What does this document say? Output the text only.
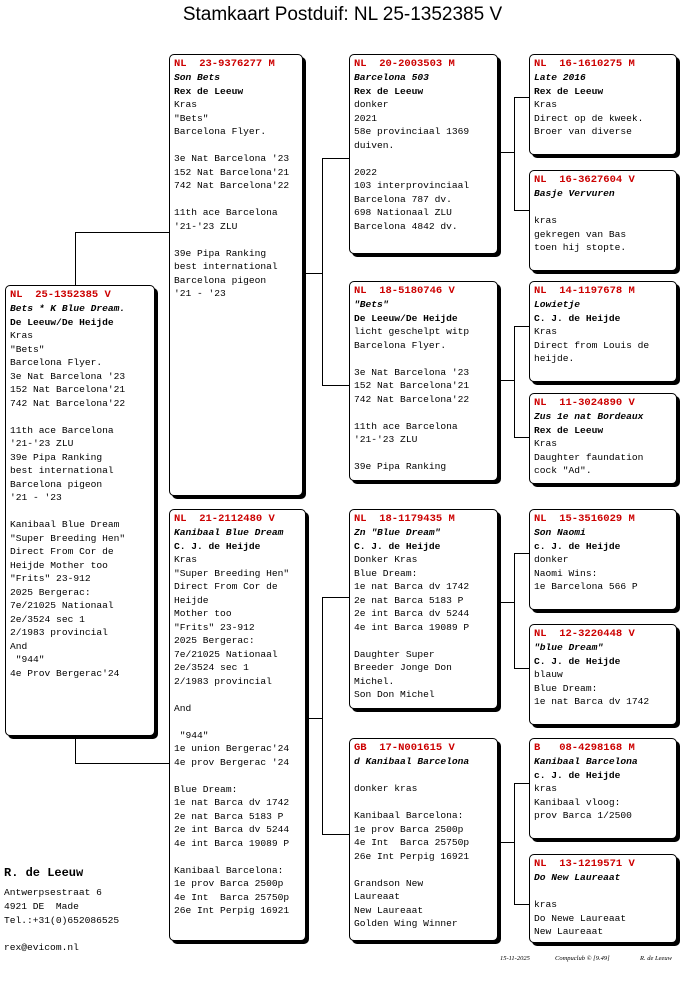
Stamkaart Postduif: NL 25-1352385 V
NL  25-1352385 V
Bets * K Blue Dream.
De Leeuw/De Heijde
Kras
"Bets"
Barcelona Flyer.
3e Nat Barcelona '23
152 Nat Barcelona'21
742 Nat Barcelona'22

11th ace Barcelona
'21-'23 ZLU
39e Pipa Ranking
best international
Barcelona pigeon
'21 - '23

Kanibaal Blue Dream
"Super Breeding Hen"
Direct From Cor de
Heijde Mother too
"Frits" 23-912
2025 Bergerac:
7e/21025 Nationaal
2e/3524 sec 1
2/1983 provincial
And
"944"
4e Prov Bergerac'24
NL  23-9376277 M
Son Bets
Rex de Leeuw
Kras
"Bets"
Barcelona Flyer.

3e Nat Barcelona '23
152 Nat Barcelona'21
742 Nat Barcelona'22

11th ace Barcelona
'21-'23 ZLU

39e Pipa Ranking
best international
Barcelona pigeon
'21 - '23
NL  21-2112480 V
Kanibaal Blue Dream
C. J. de Heijde
Kras
"Super Breeding Hen"
Direct From Cor de
Heijde
Mother too
"Frits" 23-912
2025 Bergerac:
7e/21025 Nationaal
2e/3524 sec 1
2/1983 provincial

And

"944"
1e union Bergerac'24
4e prov Bergerac '24

Blue Dream:
1e nat Barca dv 1742
2e nat Barca 5183 P
2e int Barca dv 5244
4e int Barca 19089 P

Kanibaal Barcelona:
1e prov Barca 2500p
4e Int  Barca 25750p
26e Int Perpig 16921
NL  20-2003503 M
Barcelona 503
Rex de Leeuw
donker
2021
58e provinciaal 1369
duiven.

2022
103 interprovinciaal
Barcelona 787 dv.
698 Nationaal ZLU
Barcelona 4842 dv.
NL  18-5180746 V
"Bets"
De Leeuw/De Heijde
licht geschelpt witp
Barcelona Flyer.

3e Nat Barcelona '23
152 Nat Barcelona'21
742 Nat Barcelona'22

11th ace Barcelona
'21-'23 ZLU

39e Pipa Ranking
NL  18-1179435 M
Zn "Blue Dream"
C. J. de Heijde
Donker Kras
Blue Dream:
1e nat Barca dv 1742
2e nat Barca 5183 P
2e int Barca dv 5244
4e int Barca 19089 P

Daughter Super
Breeder Jonge Don
Michel.
Son Don Michel
GB  17-N001615 V
d Kanibaal Barcelona

donker kras

Kanibaal Barcelona:
1e prov Barca 2500p
4e Int  Barca 25750p
26e Int Perpig 16921

Grandson New
Laureaat
New Laureaat
Golden Wing Winner
NL  16-1610275 M
Late 2016
Rex de Leeuw
Kras
Direct op de kweek.
Broer van diverse
NL  16-3627604 V
Basje Vervuren

kras
gekregen van Bas
toen hij stopte.
NL  14-1197678 M
Lowietje
C. J. de Heijde
Kras
Direct from Louis de
heijde.
NL  11-3024890 V
Zus 1e nat Bordeaux
Rex de Leeuw
Kras
Daughter faundation
cock "Ad".
NL  15-3516029 M
Son Naomi
c. J. de Heijde
donker
Naomi Wins:
1e Barcelona 566 P
NL  12-3220448 V
"blue Dream"
C. J. de Heijde
blauw
Blue Dream:
1e nat Barca dv 1742
B   08-4298168 M
Kanibaal Barcelona
c. J. de Heijde
kras
Kanibaal vloog:
prov Barca 1/2500
NL  13-1219571 V
Do New Laureaat

kras
Do Newe Laureaat
New Laureaat
R. de Leeuw
Antwerpsestraat 6
4921 DE  Made
Tel.:+31(0)652086525
rex@evicom.nl
15-11-2025	Compuclub © [9.49]	R. de Leeuw
